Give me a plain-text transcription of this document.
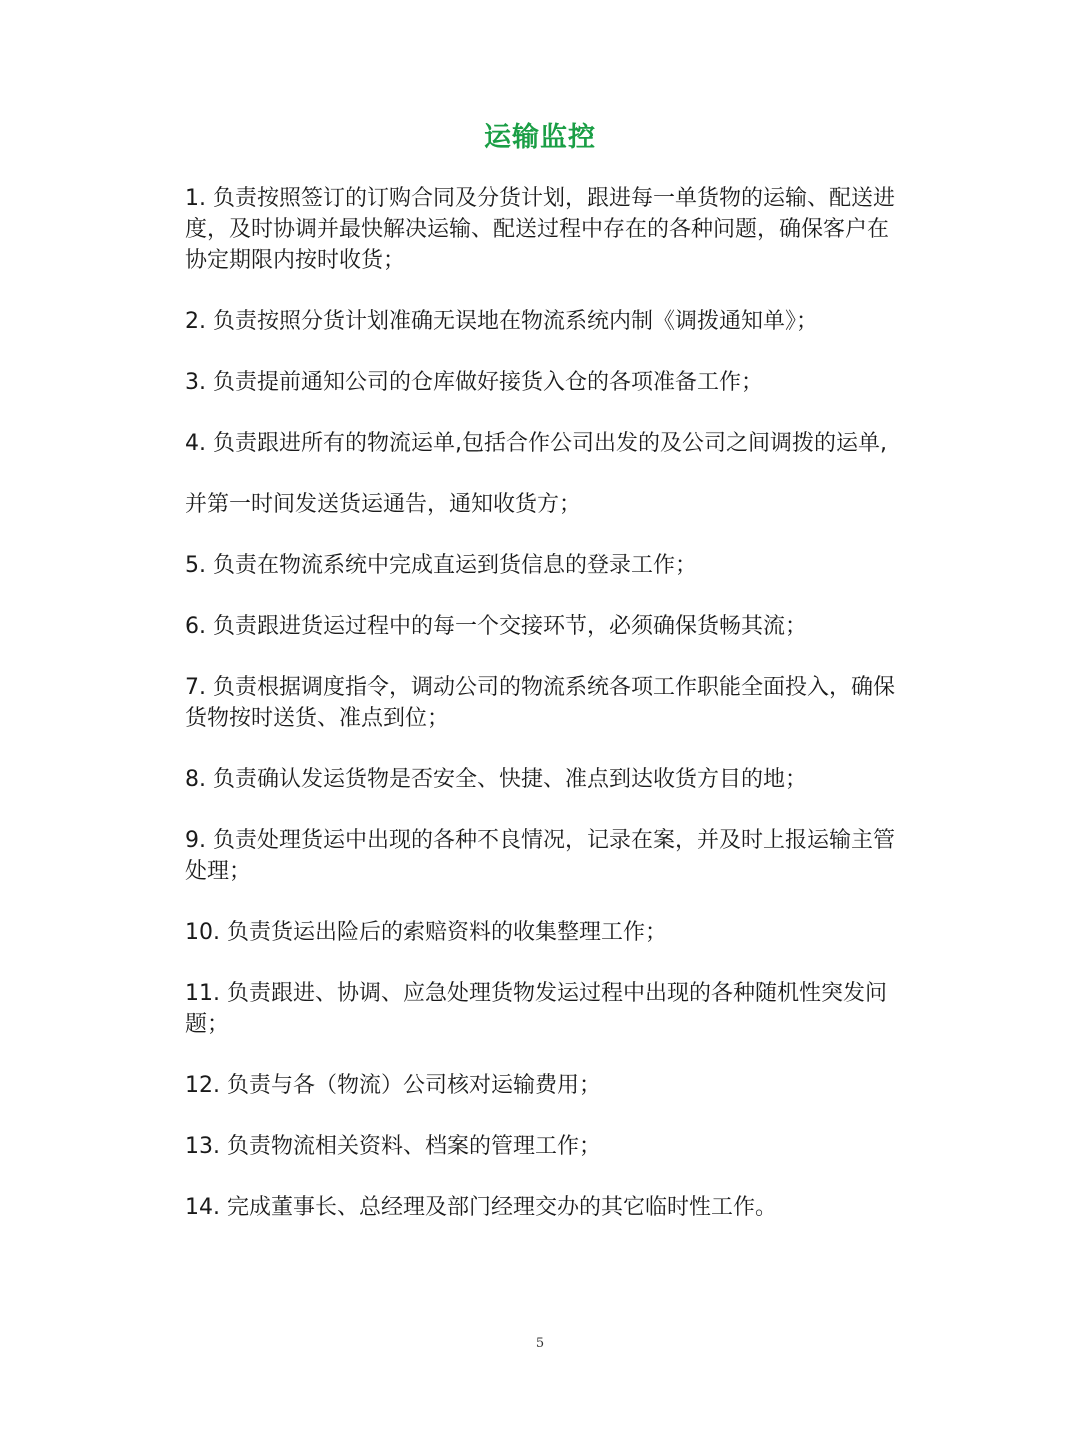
运输监控

1. 负责按照签订的订购合同及分货计划，跟进每一单货物的运输、配送进度，及时协调并最快解决运输、配送过程中存在的各种问题，确保客户在协定期限内按时收货；

2. 负责按照分货计划准确无误地在物流系统内制《调拨通知单》；

3. 负责提前通知公司的仓库做好接货入仓的各项准备工作；

4. 负责跟进所有的物流运单,包括合作公司出发的及公司之间调拨的运单,

并第一时间发送货运通告，通知收货方；

5. 负责在物流系统中完成直运到货信息的登录工作；

6. 负责跟进货运过程中的每一个交接环节，必须确保货畅其流；

7. 负责根据调度指令，调动公司的物流系统各项工作职能全面投入，确保货物按时送货、准点到位；

8. 负责确认发运货物是否安全、快捷、准点到达收货方目的地；

9. 负责处理货运中出现的各种不良情况，记录在案，并及时上报运输主管处理；

10. 负责货运出险后的索赔资料的收集整理工作；

11. 负责跟进、协调、应急处理货物发运过程中出现的各种随机性突发问题；

12. 负责与各（物流）公司核对运输费用；

13. 负责物流相关资料、档案的管理工作；

14. 完成董事长、总经理及部门经理交办的其它临时性工作。

5
